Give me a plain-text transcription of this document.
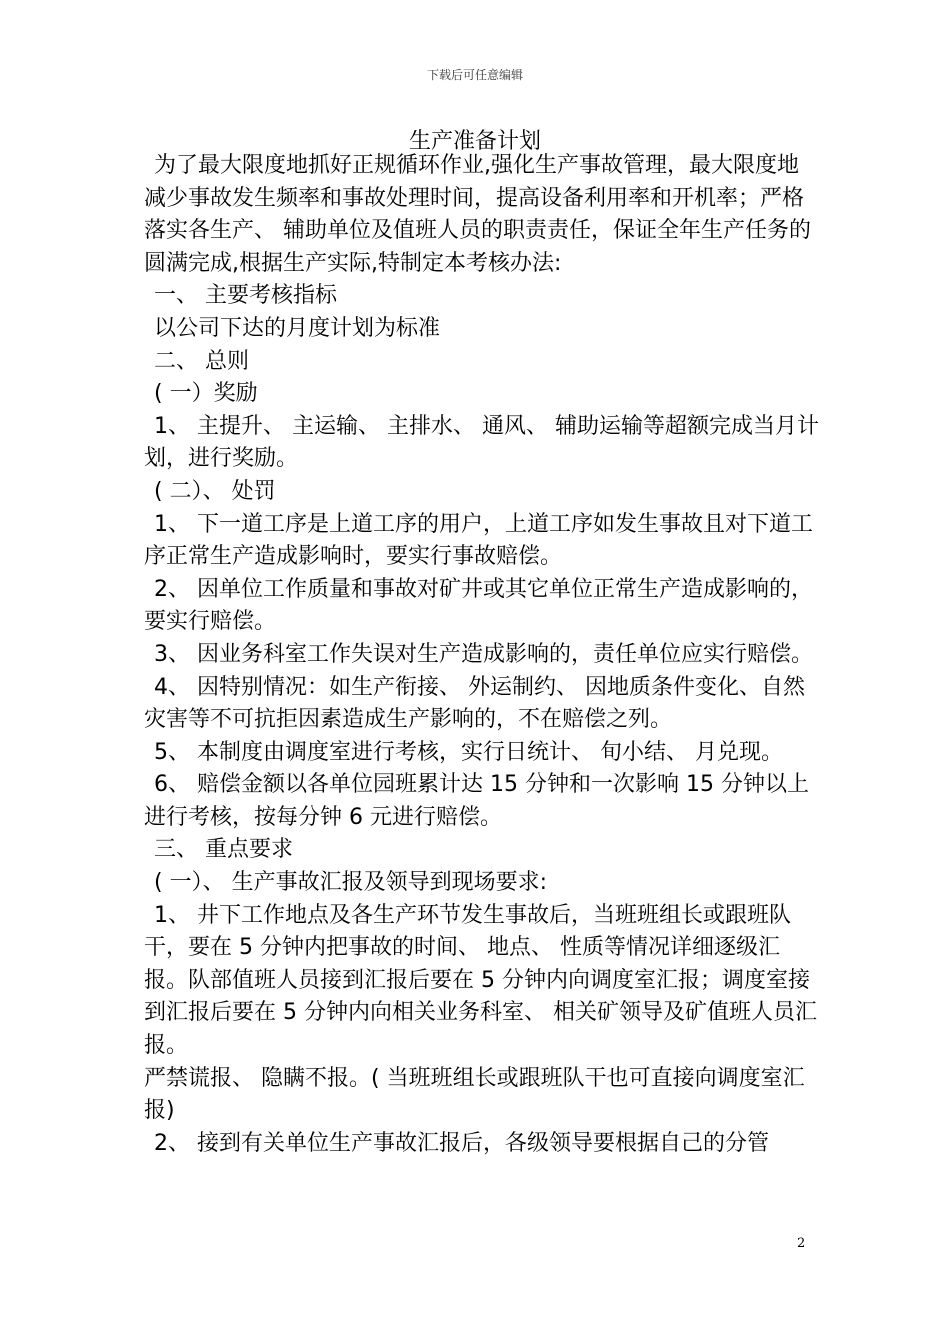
下载后可任意编辑
生产准备计划

为了最大限度地抓好正规循环作业,强化生产事故管理，最大限度地减少事故发生频率和事故处理时间，提高设备利用率和开机率；严格落实各生产、 辅助单位及值班人员的职责责任，保证全年生产任务的圆满完成,根据生产实际,特制定本考核办法:

一、 主要考核指标

以公司下达的月度计划为标准

二、 总则

( 一）奖励

1、 主提升、 主运输、 主排水、 通风、 辅助运输等超额完成当月计划，进行奖励。

( 二）、 处罚

1、 下一道工序是上道工序的用户，上道工序如发生事故且对下道工序正常生产造成影响时，要实行事故赔偿。

2、 因单位工作质量和事故对矿井或其它单位正常生产造成影响的，要实行赔偿。

3、 因业务科室工作失误对生产造成影响的，责任单位应实行赔偿。

4、 因特别情况：如生产衔接、 外运制约、 因地质条件变化、自然灾害等不可抗拒因素造成生产影响的，不在赔偿之列。

5、 本制度由调度室进行考核，实行日统计、 旬小结、 月兑现。

6、 赔偿金额以各单位园班累计达 15 分钟和一次影响 15 分钟以上进行考核，按每分钟 6 元进行赔偿。

三、 重点要求

( 一）、 生产事故汇报及领导到现场要求:

1、 井下工作地点及各生产环节发生事故后，当班班组长或跟班队干，要在 5 分钟内把事故的时间、 地点、 性质等情况详细逐级汇报。队部值班人员接到汇报后要在 5 分钟内向调度室汇报；调度室接到汇报后要在 5 分钟内向相关业务科室、 相关矿领导及矿值班人员汇报。

严禁谎报、 隐瞒不报。( 当班班组长或跟班队干也可直接向调度室汇报)

2、 接到有关单位生产事故汇报后，各级领导要根据自己的分管

2
